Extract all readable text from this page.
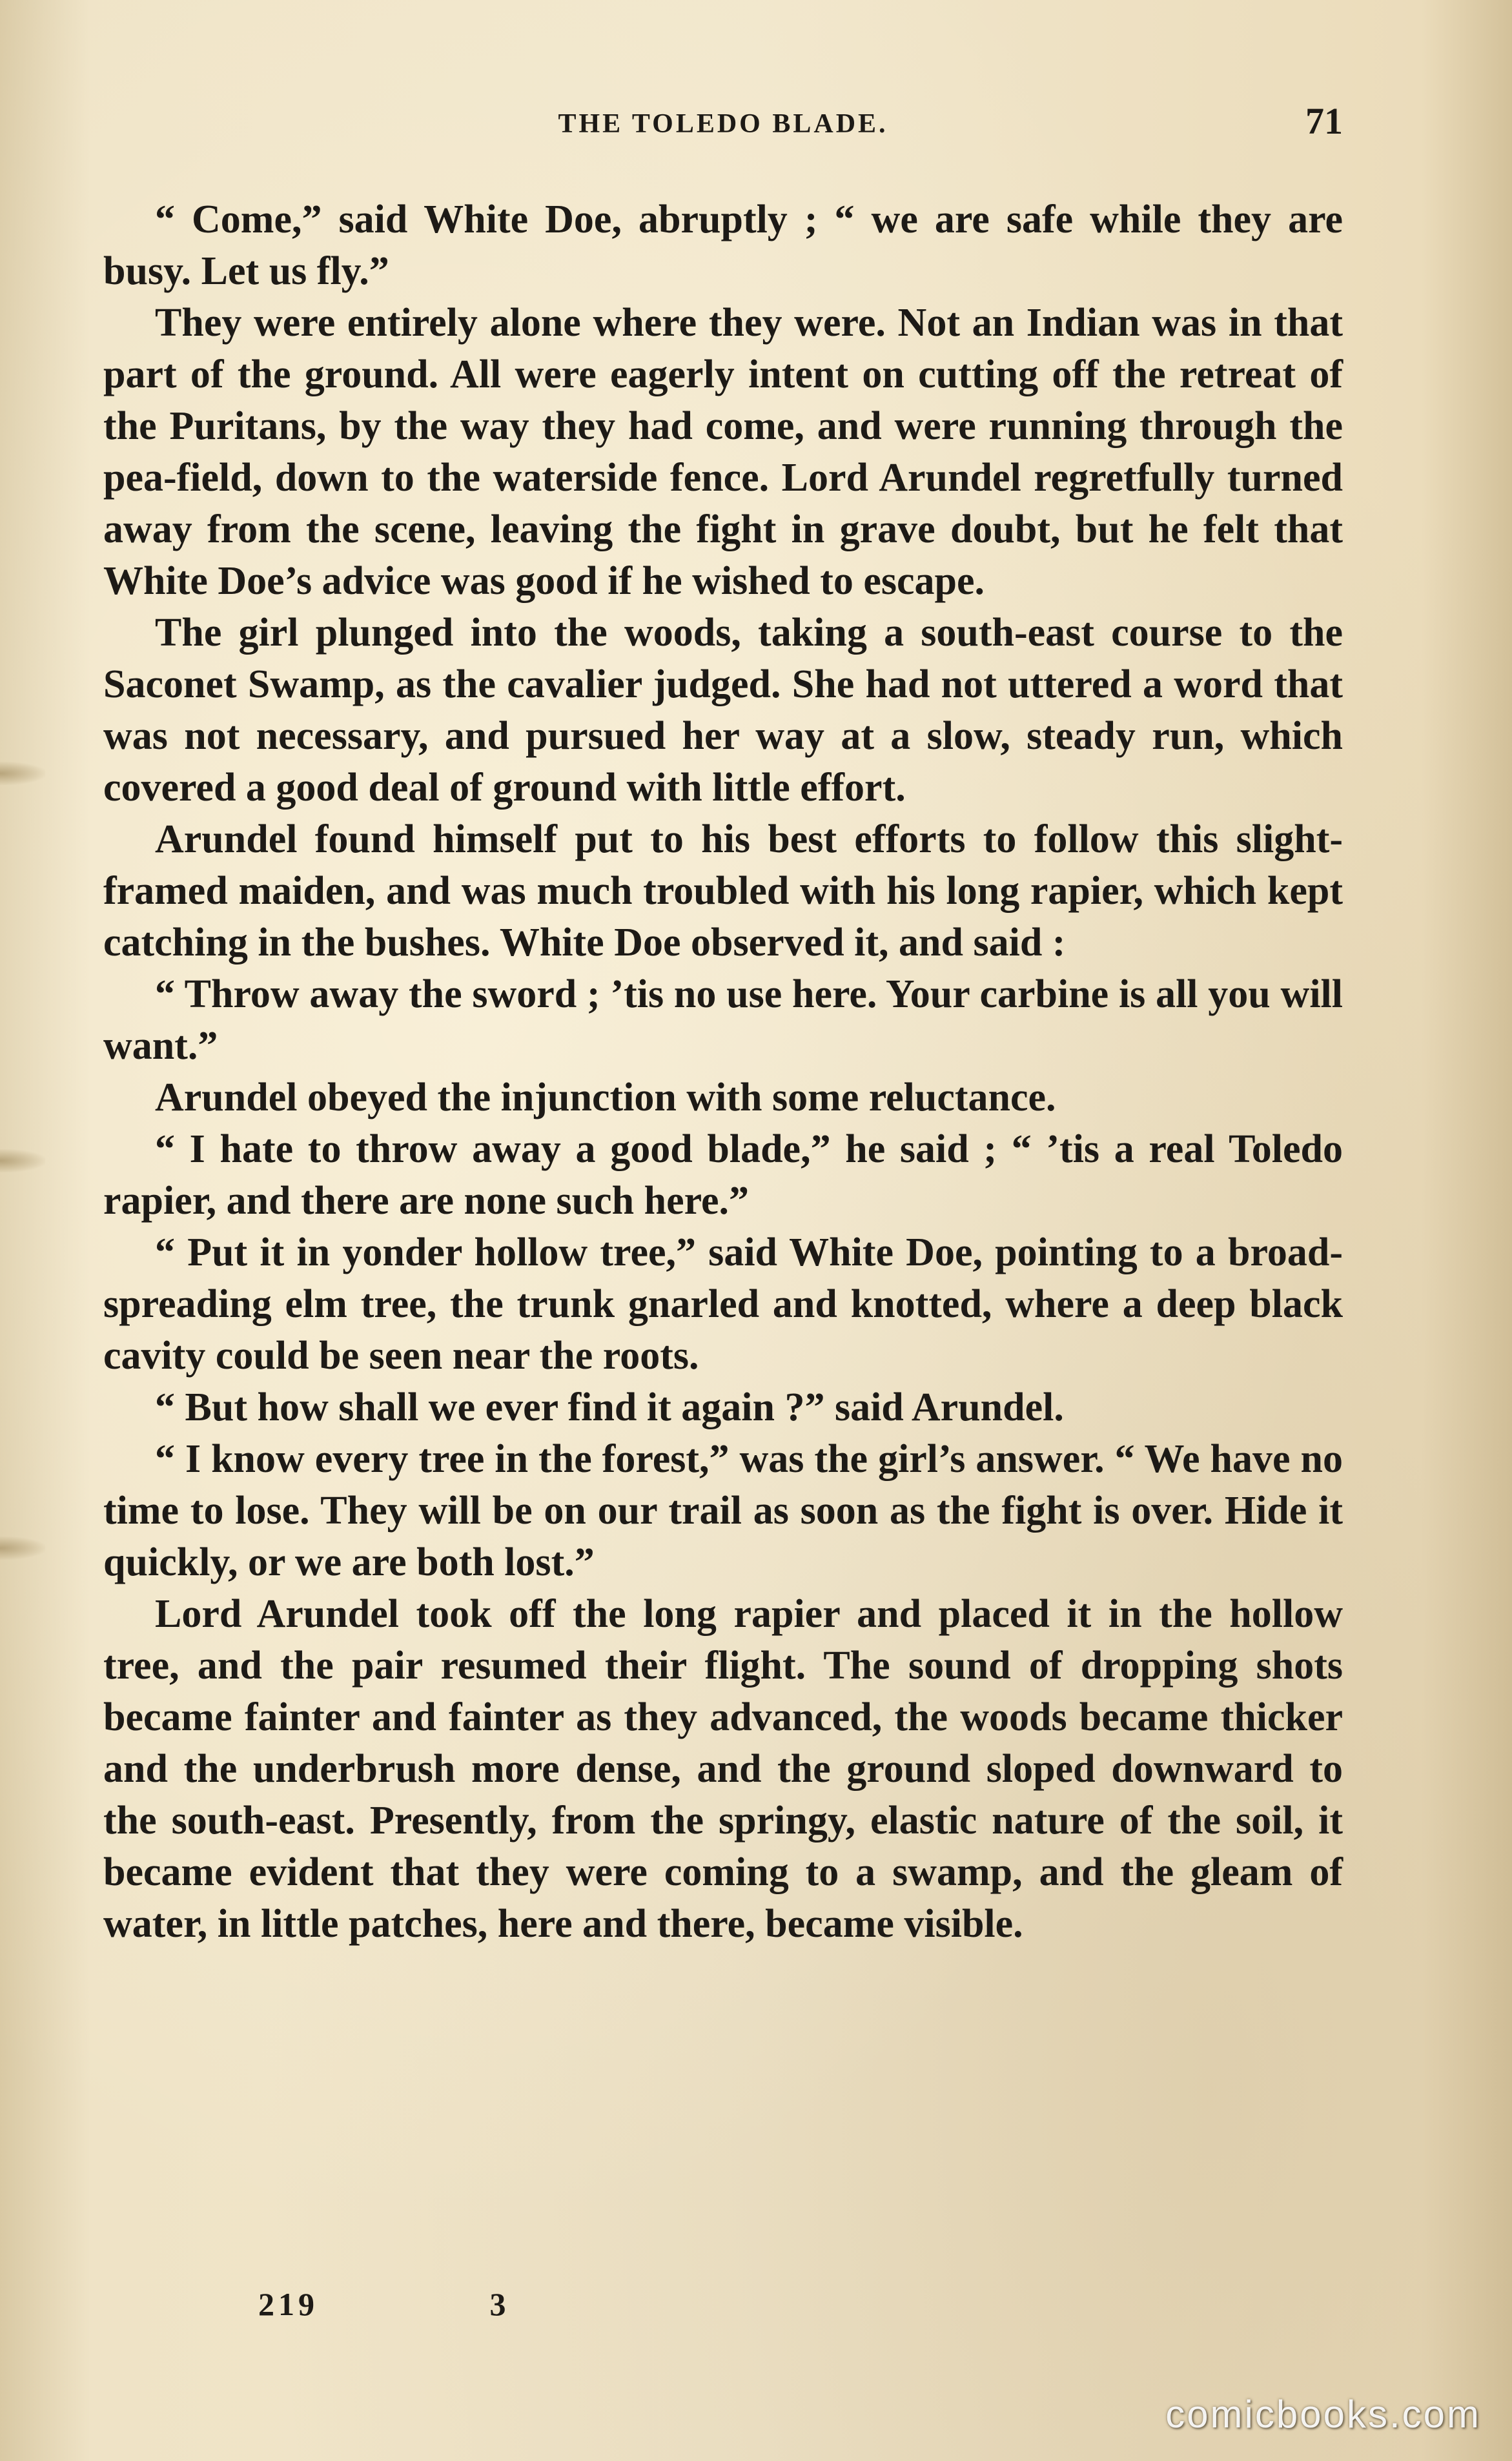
THE TOLEDO BLADE.	71

“ Come,” said White Doe, abruptly ; “ we are safe while they are busy. Let us fly.”

They were entirely alone where they were. Not an Indian was in that part of the ground. All were eagerly intent on cutting off the retreat of the Puritans, by the way they had come, and were running through the pea-field, down to the waterside fence. Lord Arundel regretfully turned away from the scene, leaving the fight in grave doubt, but he felt that White Doe’s advice was good if he wished to escape.

The girl plunged into the woods, taking a south-east course to the Saconet Swamp, as the cavalier judged. She had not uttered a word that was not necessary, and pursued her way at a slow, steady run, which covered a good deal of ground with little effort.

Arundel found himself put to his best efforts to follow this slight-framed maiden, and was much troubled with his long rapier, which kept catching in the bushes. White Doe observed it, and said :

“ Throw away the sword ; ’tis no use here. Your carbine is all you will want.”

Arundel obeyed the injunction with some reluctance.

“ I hate to throw away a good blade,” he said ; “ ’tis a real Toledo rapier, and there are none such here.”

“ Put it in yonder hollow tree,” said White Doe, pointing to a broad-spreading elm tree, the trunk gnarled and knotted, where a deep black cavity could be seen near the roots.

“ But how shall we ever find it again ?” said Arundel.

“ I know every tree in the forest,” was the girl’s answer. “ We have no time to lose. They will be on our trail as soon as the fight is over. Hide it quickly, or we are both lost.”

Lord Arundel took off the long rapier and placed it in the hollow tree, and the pair resumed their flight. The sound of dropping shots became fainter and fainter as they advanced, the woods became thicker and the underbrush more dense, and the ground sloped downward to the south-east. Presently, from the springy, elastic nature of the soil, it became evident that they were coming to a swamp, and the gleam of water, in little patches, here and there, became visible.

219	3
comicbooks.com
